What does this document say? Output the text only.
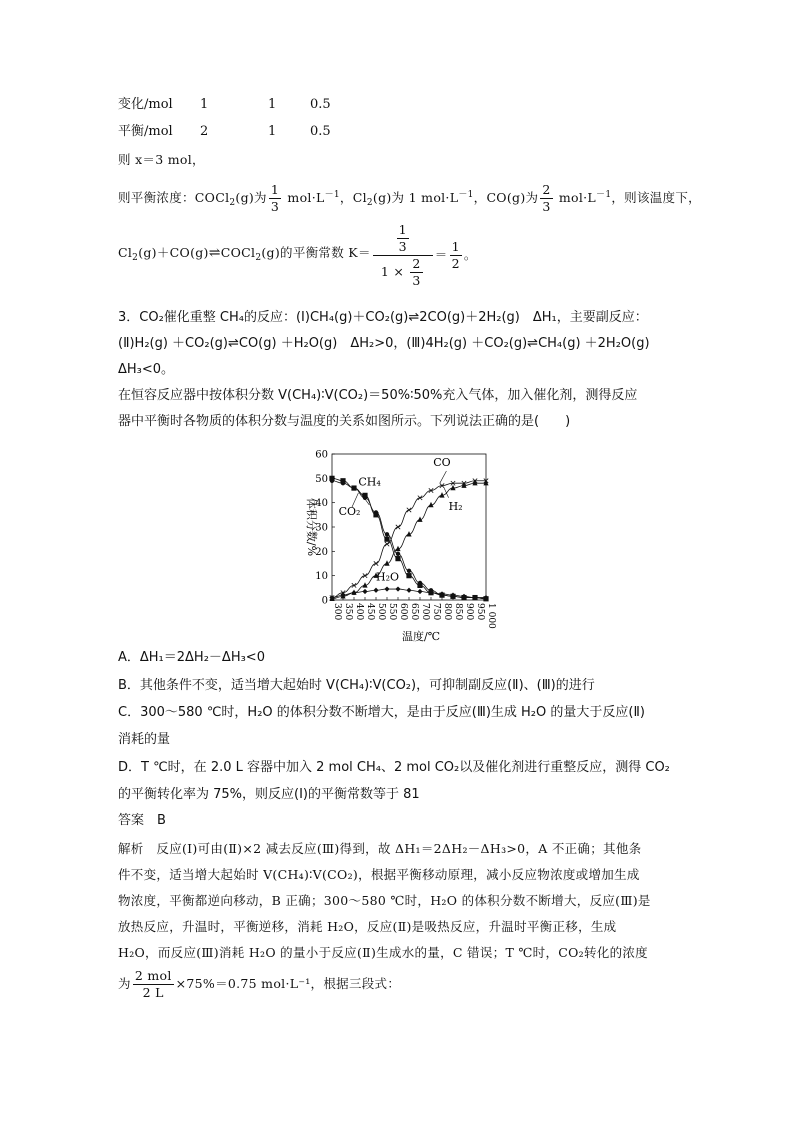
变化/mol 1	1	0.5
平衡/mol 2	1	0.5
则 x＝3 mol，
则平衡浓度：COCl$_2$(g)为 $\frac{1}{3} mol\cdot L^{-1}$，$Cl_2(g)$为 1 $mol\cdot L^{-1}$，CO(g)为 $\frac{2}{3} mol\cdot L^{-1}$，则该温度下，
$Cl_2(g)+CO(g)\rightleftharpoons COCl_2(g)$的平衡常数 $K= \frac{\frac{1}{3}}{1 \times \frac{2}{3}} = \frac{1}{2}$ 。
3．CO₂催化重整 CH₄的反应：(Ⅰ)CH₄(g)＋CO₂(g)⇌2CO(g)＋2H₂(g)　ΔH₁，主要副反应：
(Ⅱ)H₂(g) ＋CO₂(g)⇌CO(g) ＋H₂O(g)　ΔH₂>0，(Ⅲ)4H₂(g) ＋CO₂(g)⇌CH₄(g) ＋2H₂O(g)
ΔH₃<0。
在恒容反应器中按体积分数 V(CH₄)∶V(CO₂)＝50%∶50%充入气体，加入催化剂，测得反应
器中平衡时各物质的体积分数与温度的关系如图所示。下列说法正确的是(　　)
0
10
20
30
40
50
60
300 350 400 450 500 550 600 650 700 750 800 850 900 950 1 000
体积分数/%
温度/℃
CO
CH₄
CO₂	H₂
H₂O
A．ΔH₁＝2ΔH₂－ΔH₃<0
B．其他条件不变，适当增大起始时 V(CH₄)∶V(CO₂)，可抑制副反应(Ⅱ)、(Ⅲ)的进行
C．300～580 ℃时，H₂O 的体积分数不断增大，是由于反应(Ⅲ)生成 H₂O 的量大于反应(Ⅱ)
消耗的量
D．T ℃时，在 2.0 L 容器中加入 2 mol CH₄、2 mol CO₂以及催化剂进行重整反应，测得 CO₂
的平衡转化率为 75%，则反应(Ⅰ)的平衡常数等于 81
答案　B
解析　反应(Ⅰ)可由(Ⅱ)×2 减去反应(Ⅲ)得到，故 ΔH₁＝2ΔH₂－ΔH₃>0，A 不正确；其他条
件不变，适当增大起始时 V(CH₄)∶V(CO₂)，根据平衡移动原理，减小反应物浓度或增加生成
物浓度，平衡都逆向移动，B 正确；300～580 ℃时，H₂O 的体积分数不断增大，反应(Ⅲ)是
放热反应，升温时，平衡逆移，消耗 H₂O，反应(Ⅱ)是吸热反应，升温时平衡正移，生成
H₂O，而反应(Ⅲ)消耗 H₂O 的量小于反应(Ⅱ)生成水的量，C 错误；T ℃时，CO₂转化的浓度
为 $\frac{\text{2 mol}}{2 L} \times 75\%=0.75$ mol·L⁻¹，根据三段式：
